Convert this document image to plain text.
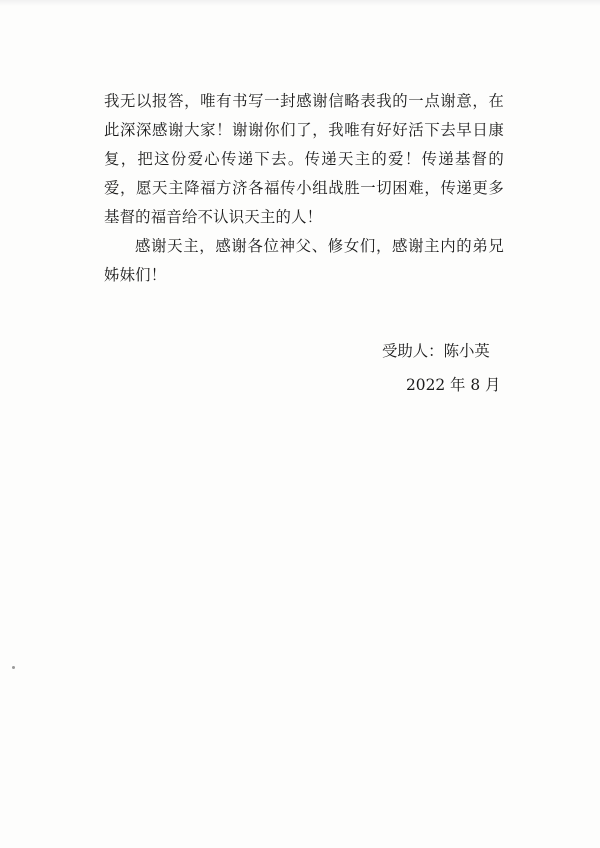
我无以报答，唯有书写一封感谢信略表我的一点谢意，在此深深感谢大家！谢谢你们了，我唯有好好活下去早日康复，把这份爱心传递下去。传递天主的爱！传递基督的爱，愿天主降福方济各福传小组战胜一切困难，传递更多基督的福音给不认识天主的人！

感谢天主，感谢各位神父、修女们，感谢主内的弟兄姊妹们！

受助人：陈小英
2022 年 8 月
